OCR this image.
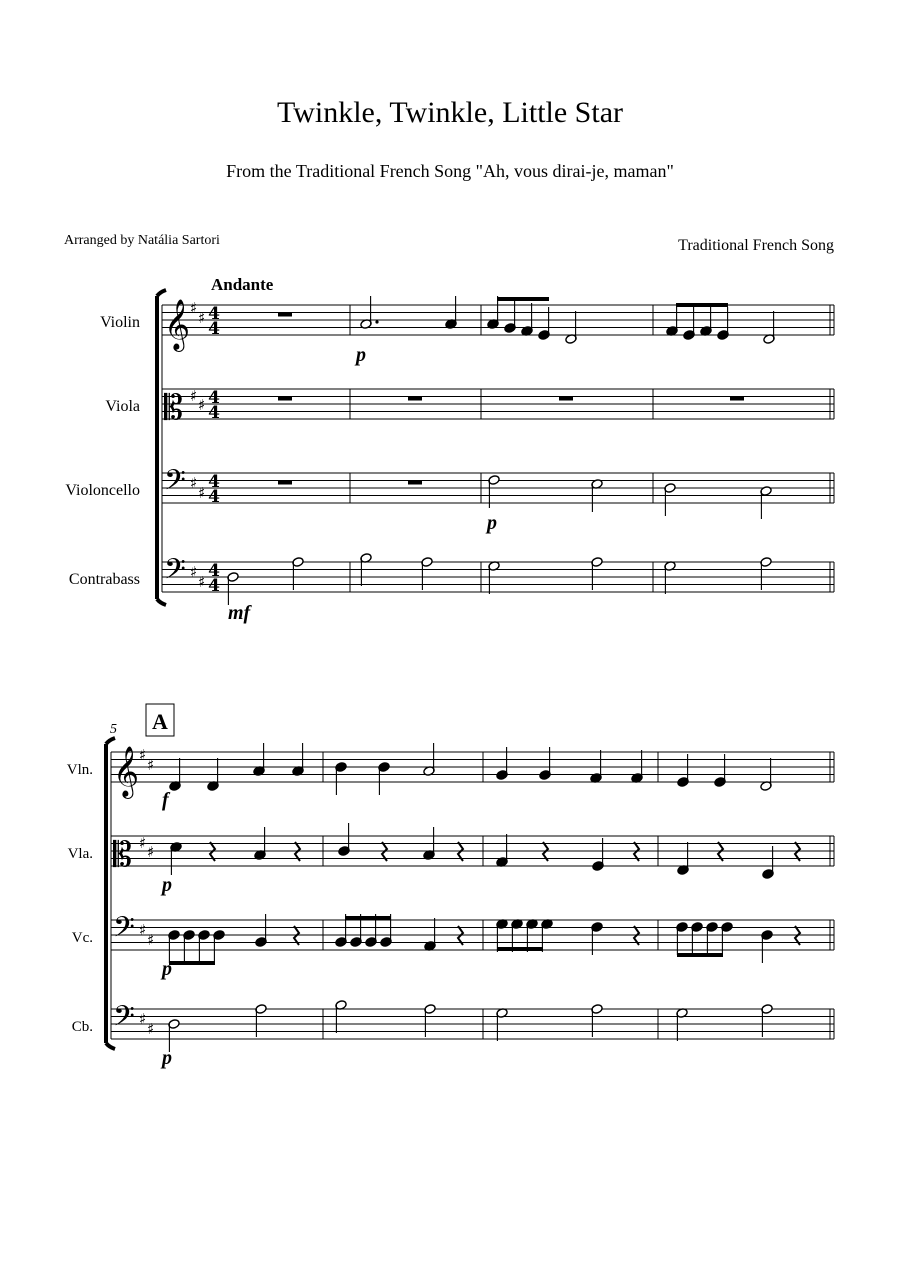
Twinkle, Twinkle, Little Star
From the Traditional French Song "Ah, vous dirai-je, maman"
Arranged by Natália Sartori	Traditional French Song
Andante
𝄞 ♯
♯ 4
4
𝄡 ♯ ♯ 4
4
𝄢 ♯
♯
4
4
𝄢 ♯
♯
4
4
Violin
Viola
Violoncello
Contrabass
p
p
mf
5 A
𝄞 ♯
♯
𝄡 ♯ ♯
𝄢 ♯
♯
𝄢 ♯
♯
Vln.
Vla.
Vc.
Cb.
f
p
p
p
